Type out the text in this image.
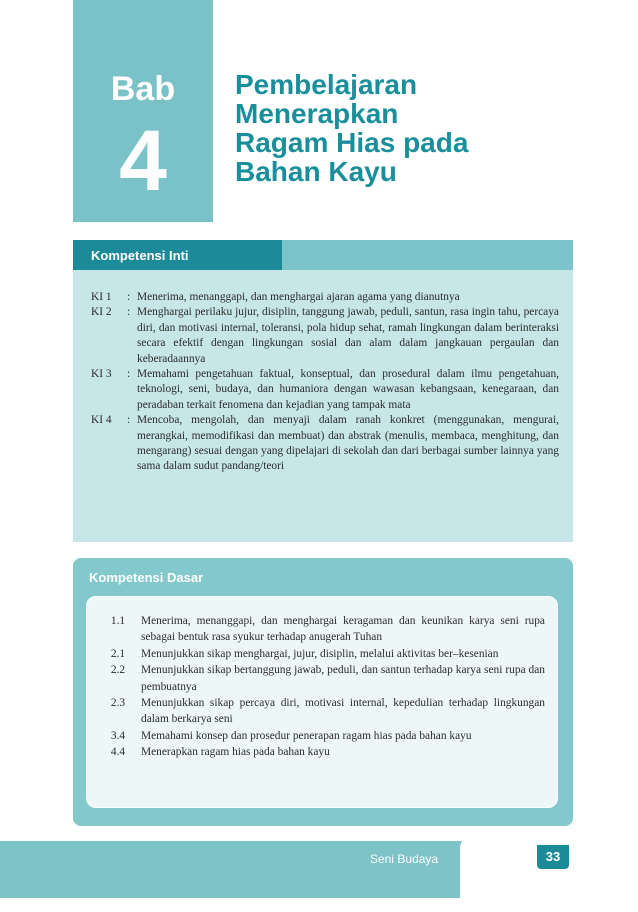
Bab
4
Pembelajaran
Menerapkan
Ragam Hias pada
Bahan Kayu
Kompetensi Inti
KI 1	: Menerima, menanggapi, dan menghargai ajaran agama yang dianutnya
KI 2	: Menghargai perilaku jujur, disiplin, tanggung jawab, peduli, santun, rasa ingin tahu, percaya diri, dan motivasi internal, toleransi, pola hidup sehat, ramah lingkungan dalam berinteraksi secara efektif dengan lingkungan sosial dan alam dalam jangkauan pergaulan dan keberadaannya
KI 3	: Memahami pengetahuan faktual, konseptual, dan prosedural dalam ilmu pengetahuan, teknologi, seni, budaya, dan humaniora dengan wawasan kebangsaan, kenegaraan, dan peradaban terkait fenomena dan kejadian yang tampak mata
KI 4	: Mencoba, mengolah, dan menyaji dalam ranah konkret (menggunakan, mengurai, merangkai, memodifikasi dan membuat) dan abstrak (menulis, membaca, menghitung, dan mengarang) sesuai dengan yang dipelajari di sekolah dan dari berbagai sumber lainnya yang sama dalam sudut pandang/teori
Kompetensi Dasar
1.1	Menerima, menanggapi, dan menghargai keragaman dan keunikan karya seni rupa sebagai bentuk rasa syukur terhadap anugerah Tuhan
2.1	Menunjukkan sikap menghargai, jujur, disiplin, melalui aktivitas ber–kesenian
2.2	Menunjukkan sikap bertanggung jawab, peduli, dan santun terhadap karya seni rupa dan pembuatnya
2.3	Menunjukkan sikap percaya diri, motivasi internal, kepedulian terhadap lingkungan dalam berkarya seni
3.4	Memahami konsep dan prosedur penerapan ragam hias pada bahan kayu
4.4	Menerapkan ragam hias pada bahan kayu
Seni Budaya	33
